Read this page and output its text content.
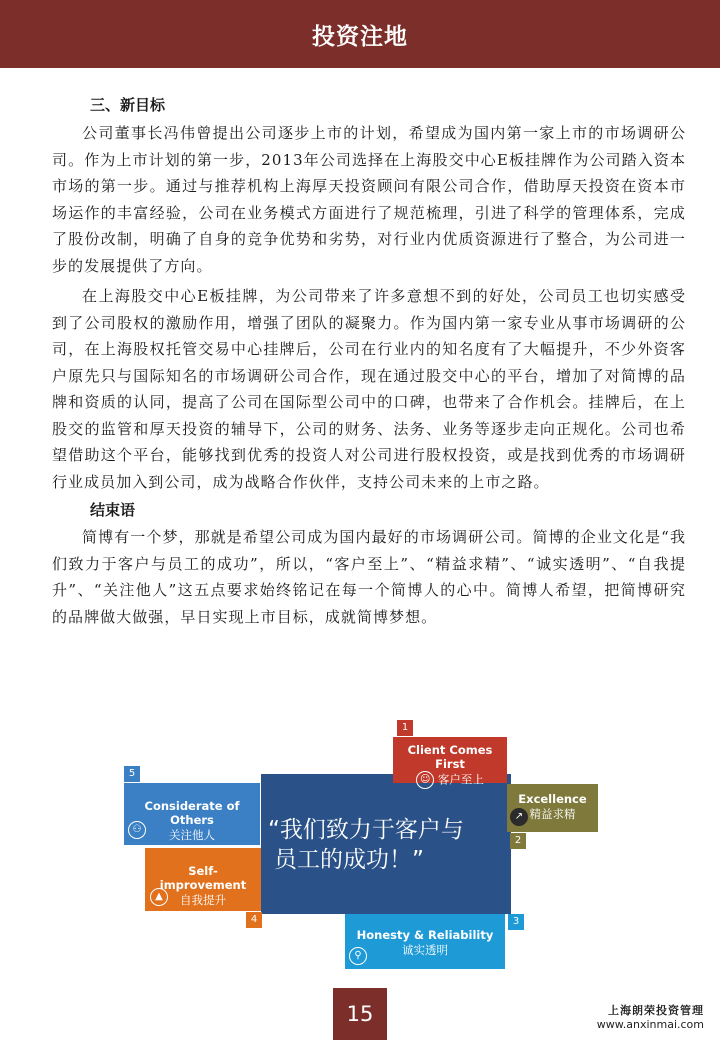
投资注地
三、新目标

公司董事长冯伟曾提出公司逐步上市的计划，希望成为国内第一家上市的市场调研公司。作为上市计划的第一步，2013年公司选择在上海股交中心E板挂牌作为公司踏入资本市场的第一步。通过与推荐机构上海厚天投资顾问有限公司合作，借助厚天投资在资本市场运作的丰富经验，公司在业务模式方面进行了规范梳理，引进了科学的管理体系，完成了股份改制，明确了自身的竞争优势和劣势，对行业内优质资源进行了整合，为公司进一步的发展提供了方向。

在上海股交中心E板挂牌，为公司带来了许多意想不到的好处，公司员工也切实感受到了公司股权的激励作用，增强了团队的凝聚力。作为国内第一家专业从事市场调研的公司，在上海股权托管交易中心挂牌后，公司在行业内的知名度有了大幅提升，不少外资客户原先只与国际知名的市场调研公司合作，现在通过股交中心的平台，增加了对简博的品牌和资质的认同，提高了公司在国际型公司中的口碑，也带来了合作机会。挂牌后，在上股交的监管和厚天投资的辅导下，公司的财务、法务、业务等逐步走向正规化。公司也希望借助这个平台，能够找到优秀的投资人对公司进行股权投资，或是找到优秀的市场调研行业成员加入到公司，成为战略合作伙伴，支持公司未来的上市之路。

结束语

简博有一个梦，那就是希望公司成为国内最好的市场调研公司。简博的企业文化是“我们致力于客户与员工的成功”，所以，“客户至上”、“精益求精”、“诚实透明”、“自我提升”、“关注他人”这五点要求始终铭记在每一个简博人的心中。简博人希望，把简博研究的品牌做大做强，早日实现上市目标，成就简博梦想。

“我们致力于客户与
员工的成功！”
1
Client Comes First
☺ 客户至上
Excellence
↗ 精益求精
2
3
Honesty & Reliability
诚实透明
⚲
Self-improvement
自我提升
▲
4
5
Considerate of Others
关注他人
⚇
15	上海朗荣投资管理
www.anxinmai.com
